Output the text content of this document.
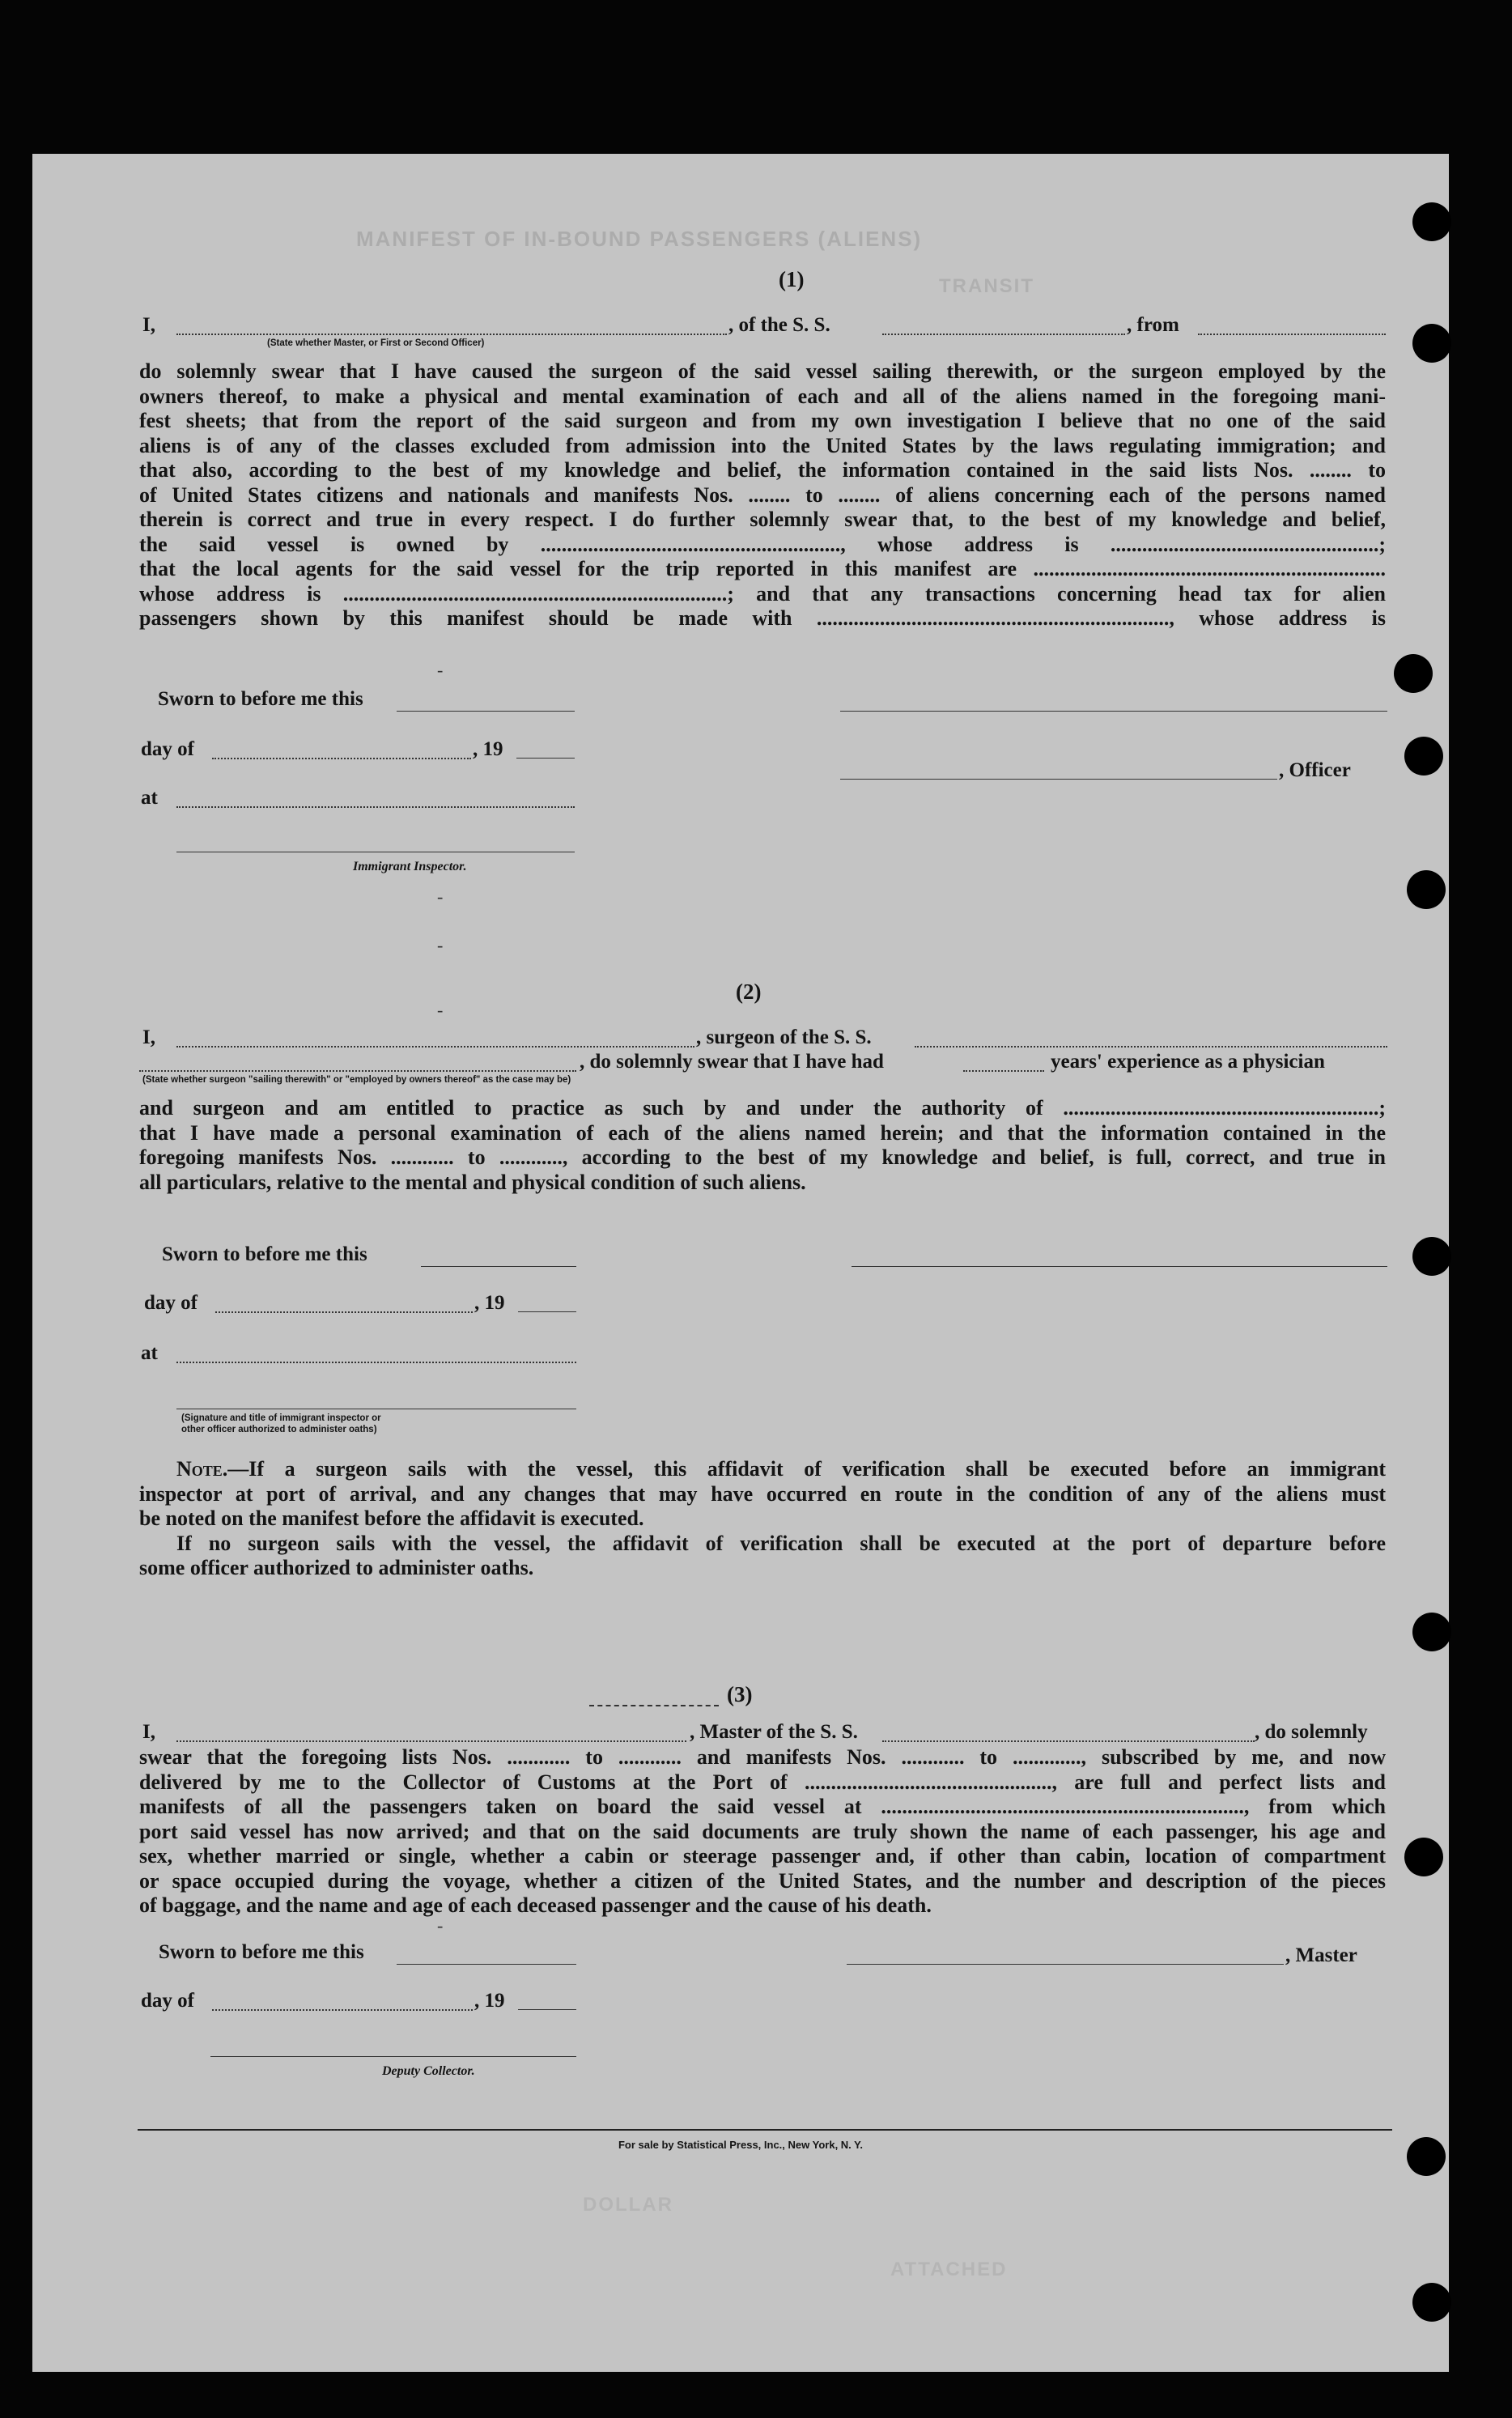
MANIFEST OF IN-BOUND PASSENGERS (ALIENS)
TRANSIT
(1)
I,
(State whether Master, or First or Second Officer)
, of the S. S.	, from
do solemnly swear that I have caused the surgeon of the said vessel sailing therewith, or the surgeon employed by the
owners thereof, to make a physical and mental examination of each and all of the aliens named in the foregoing mani-
fest sheets; that from the report of the said surgeon and from my own investigation I believe that no one of the said
aliens is of any of the classes excluded from admission into the United States by the laws regulating immigration; and
that also, according to the best of my knowledge and belief, the information contained in the said lists Nos. ........ to
of United States citizens and nationals and manifests Nos. ........ to ........ of aliens concerning each of the persons named
therein is correct and true in every respect. I do further solemnly swear that, to the best of my knowledge and belief,
the said vessel is owned by ........................................................., whose address is ...................................................;
that the local agents for the said vessel for the trip reported in this manifest are ...................................................................
whose address is .........................................................................; and that any transactions concerning head tax for alien
passengers shown by this manifest should be made with ..................................................................., whose address is
-
Sworn to before me this
day of	, 19
, Officer
at
Immigrant Inspector.
-
-
(2)
-
I,	, surgeon of the S. S.
, do solemnly swear that I have had	years' experience as a physician
(State whether surgeon "sailing therewith" or "employed by owners thereof" as the case may be)
and surgeon and am entitled to practice as such by and under the authority of ............................................................;
that I have made a personal examination of each of the aliens named herein; and that the information contained in the
foregoing manifests Nos. ............ to ............, according to the best of my knowledge and belief, is full, correct, and true in
all particulars, relative to the mental and physical condition of such aliens.
Sworn to before me this
day of	, 19
at
(Signature and title of immigrant inspector or
other officer authorized to administer oaths)
Note.—If a surgeon sails with the vessel, this affidavit of verification shall be executed before an immigrant
inspector at port of arrival, and any changes that may have occurred en route in the condition of any of the aliens must
be noted on the manifest before the affidavit is executed.
If no surgeon sails with the vessel, the affidavit of verification shall be executed at the port of departure before
some officer authorized to administer oaths.
(3)
I,	, Master of the S. S.	, do solemnly
swear that the foregoing lists Nos. ............ to ............ and manifests Nos. ............ to ............., subscribed by me, and now
delivered by me to the Collector of Customs at the Port of ..............................................., are full and perfect lists and
manifests of all the passengers taken on board the said vessel at ....................................................................., from which
port said vessel has now arrived; and that on the said documents are truly shown the name of each passenger, his age and
sex, whether married or single, whether a cabin or steerage passenger and, if other than cabin, location of compartment
or space occupied during the voyage, whether a citizen of the United States, and the number and description of the pieces
of baggage, and the name and age of each deceased passenger and the cause of his death.
-
Sworn to before me this	, Master
day of	, 19
Deputy Collector.
For sale by Statistical Press, Inc., New York, N. Y.
DOLLAR
ATTACHED
